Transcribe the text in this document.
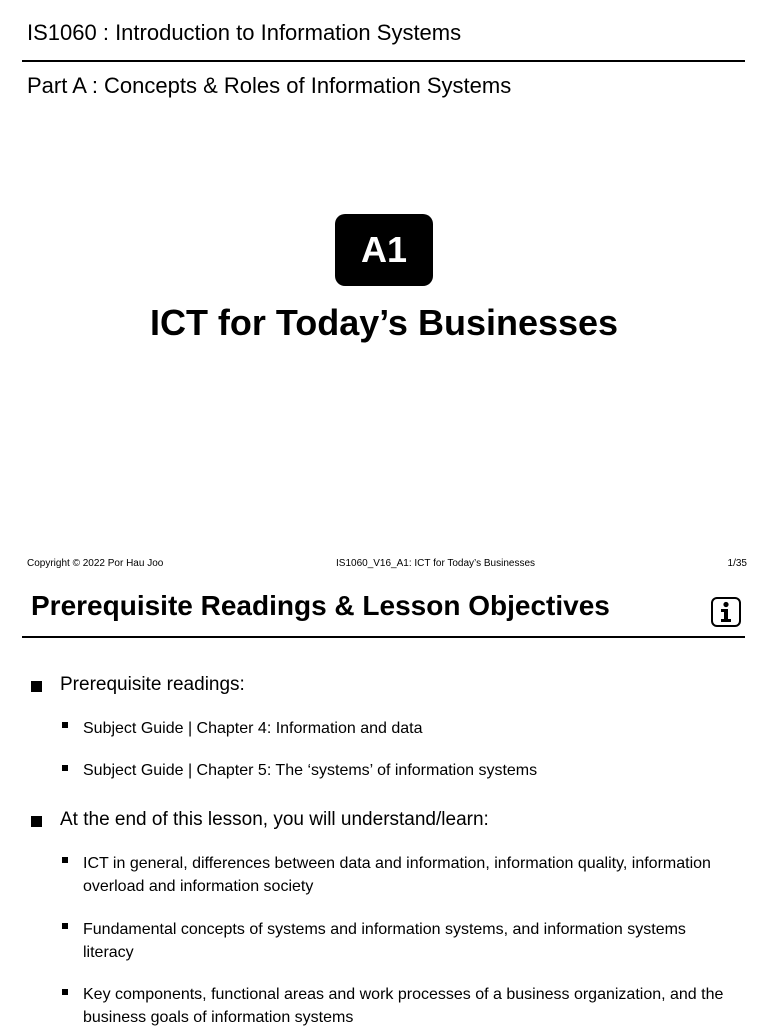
IS1060 : Introduction to Information Systems
Part A : Concepts & Roles of Information Systems
A1
ICT for Today’s Businesses
Copyright © 2022 Por Hau Joo	IS1060_V16_A1: ICT for Today’s Businesses	1/35
Prerequisite Readings & Lesson Objectives
Prerequisite readings:
Subject Guide | Chapter 4: Information and data
Subject Guide | Chapter 5: The ‘systems’ of information systems
At the end of this lesson, you will understand/learn:
ICT in general, differences between data and information, information quality, information overload and information society
Fundamental concepts of systems and information systems, and information systems literacy
Key components, functional areas and work processes of a business organization, and the business goals of information systems
